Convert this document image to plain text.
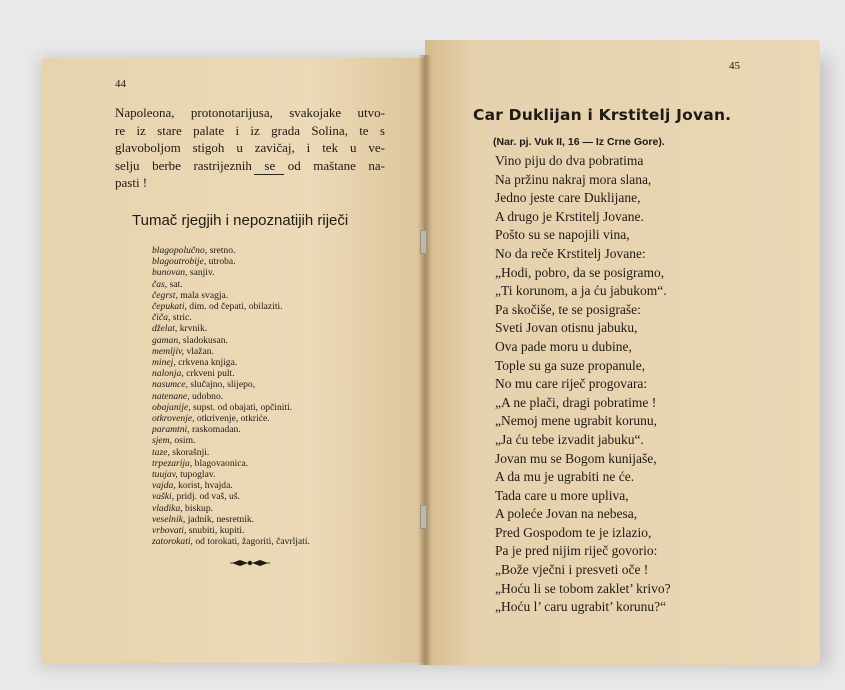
44
Napoleona, protonotarijusa, svakojake utvo-
re iz stare palate i iz grada Solina, te s
glavoboljom stigoh u zavičaj, i tek u ve-
selju berbe rastrijeznih se od maštane na-
pasti !
Tumač rjegjih i nepoznatijih riječi
blagopolučno, sretno.
blagoutrobije, utroba.
bunovan, sanjiv.
čas, sat.
čegrst, mala svagja.
čepukati, dim. od čepati, obilaziti.
čiča, stric.
dželat, krvnik.
gaman, sladokusan.
memljiv, vlažan.
minej, crkvena knjiga.
nalonja, crkveni pult.
nasumce, slučajno, slijepo,
natenane, udobno.
obajanije, supst. od obajati, opčiniti.
otkrovenje, otkrivenje, otkriće.
paramtni, raskomadan.
sjem, osim.
taze, skorašnji.
trpezarija, blagovaonica.
tuujav, tupoglav.
vajda, korist, hvajda.
vaški, pridj. od vaš, uš.
vladika, biskup.
veselnik, jadnik, nesretnik.
vrbovati, snubiti, kupiti.
zatorokati, od torokati, žagoriti, čavrljati.
45
Car Duklijan i Krstitelj Jovan.
(Nar. pj. Vuk II, 16 — Iz Crne Gore).
Vino piju do dva pobratima
Na pržinu nakraj mora slana,
Jedno jeste care Duklijane,
A drugo je Krstitelj Jovane.
Pošto su se napojili vina,
No da reče Krstitelj Jovane:
„Hodi, pobro, da se posigramo,
„Ti korunom, a ja ću jabukom“.
Pa skočiše, te se posigraše:
Sveti Jovan otisnu jabuku,
Ova pade moru u dubine,
Tople su ga suze propanule,
No mu care riječ progovara:
„A ne plači, dragi pobratime !
„Nemoj mene ugrabit korunu,
„Ja ću tebe izvadit jabuku“.
Jovan mu se Bogom kunijaše,
A da mu je ugrabiti ne će.
Tada care u more upliva,
A poleće Jovan na nebesa,
Pred Gospodom te je izlazio,
Pa je pred nijim riječ govorio:
„Bože vječni i presveti oče !
„Hoću li se tobom zaklet’ krivo?
„Hoću l’ caru ugrabit’ korunu?“
